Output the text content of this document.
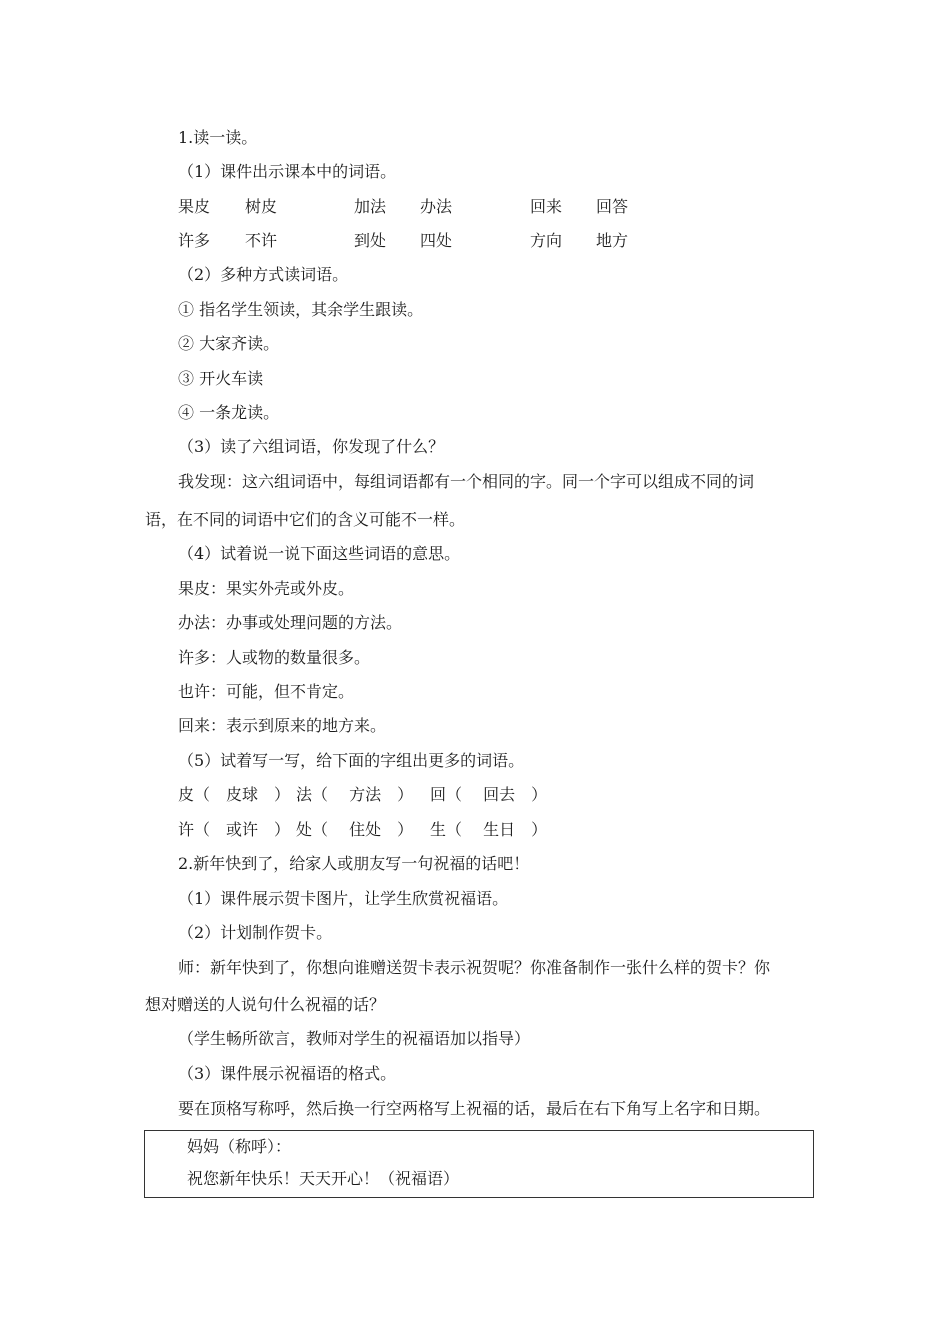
1.读一读。
（1）课件出示课本中的词语。
果皮 树皮	加法 办法	回来 回答
许多 不许	到处 四处	方向 地方
（2）多种方式读词语。
① 指名学生领读，其余学生跟读。
② 大家齐读。
③ 开火车读
④ 一条龙读。
（3）读了六组词语，你发现了什么？
我发现：这六组词语中，每组词语都有一个相同的字。同一个字可以组成不同的词
语，在不同的词语中它们的含义可能不一样。
（4）试着说一说下面这些词语的意思。
果皮：果实外壳或外皮。
办法：办事或处理问题的方法。
许多：人或物的数量很多。
也许：可能，但不肯定。
回来：表示到原来的地方来。
（5）试着写一写，给下面的字组出更多的词语。
皮（　皮球　） 法（　 方法　） 回（　 回去　）
许（　或许　） 处（　 住处　） 生（　 生日　）
2.新年快到了，给家人或朋友写一句祝福的话吧！
（1）课件展示贺卡图片，让学生欣赏祝福语。
（2）计划制作贺卡。
师：新年快到了，你想向谁赠送贺卡表示祝贺呢？你准备制作一张什么样的贺卡？你
想对赠送的人说句什么祝福的话？
（学生畅所欲言，教师对学生的祝福语加以指导）
（3）课件展示祝福语的格式。
要在顶格写称呼，然后换一行空两格写上祝福的话，最后在右下角写上名字和日期。
妈妈（称呼）：
祝您新年快乐！天天开心！（祝福语）
